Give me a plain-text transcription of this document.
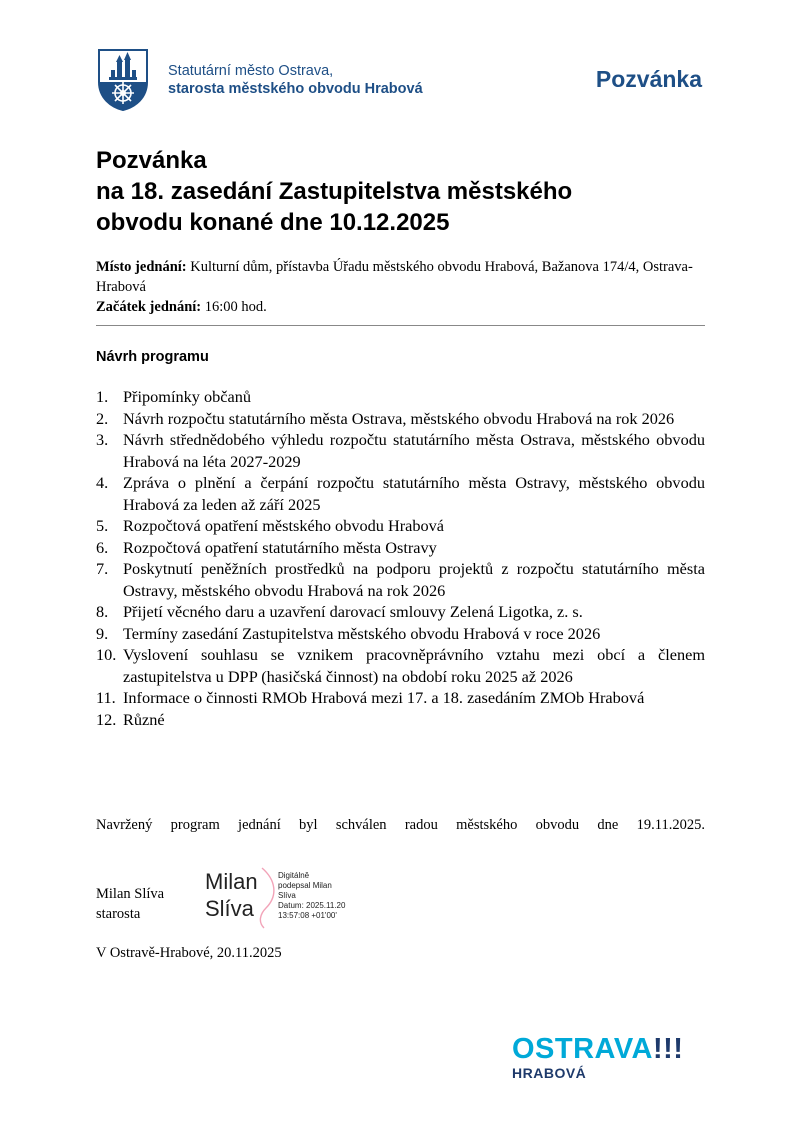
Statutární město Ostrava,
starosta městského obvodu Hrabová	Pozvánka
Pozvánka
na 18. zasedání Zastupitelstva městského
obvodu konané dne 10.12.2025
Místo jednání: Kulturní dům, přístavba Úřadu městského obvodu Hrabová, Bažanova 174/4, Ostrava-Hrabová
Začátek jednání: 16:00 hod.
Návrh programu
1. Připomínky občanů
2. Návrh rozpočtu statutárního města Ostrava, městského obvodu Hrabová na rok 2026
3. Návrh střednědobého výhledu rozpočtu statutárního města Ostrava, městského obvodu Hrabová na léta 2027-2029
4. Zpráva o plnění a čerpání rozpočtu statutárního města Ostravy, městského obvodu Hrabová za leden až září 2025
5. Rozpočtová opatření městského obvodu Hrabová
6. Rozpočtová opatření statutárního města Ostravy
7. Poskytnutí peněžních prostředků na podporu projektů z rozpočtu statutárního města Ostravy, městského obvodu Hrabová na rok 2026
8. Přijetí věcného daru a uzavření darovací smlouvy Zelená Ligotka, z. s.
9. Termíny zasedání Zastupitelstva městského obvodu Hrabová v roce 2026
10. Vyslovení souhlasu se vznikem pracovněprávního vztahu mezi obcí a členem zastupitelstva u DPP (hasičská činnost) na období roku 2025 až 2026
11. Informace o činnosti RMOb Hrabová mezi 17. a 18. zasedáním ZMOb Hrabová
12. Různé
Navržený program jednání byl schválen radou městského obvodu dne 19.11.2025.
Milan Slíva
starosta
Milan
Slíva
Digitálně
podepsal Milan
Slíva
Datum: 2025.11.20
13:57:08 +01'00'
V Ostravě-Hrabové, 20.11.2025
OSTRAVA!!!
HRABOVÁ
